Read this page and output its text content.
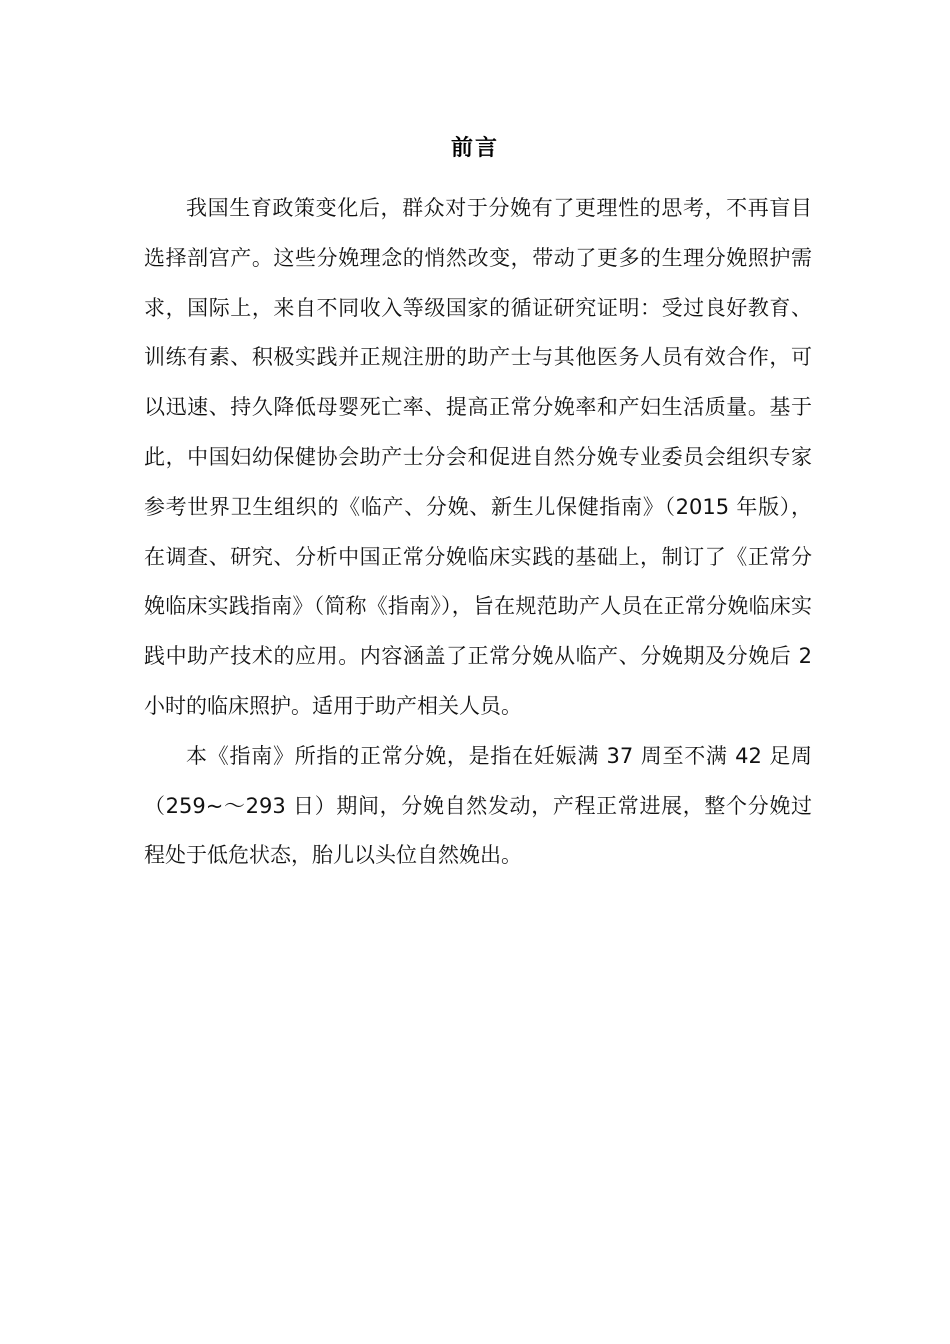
前言

我国生育政策变化后，群众对于分娩有了更理性的思考，不再盲目选择剖宫产。这些分娩理念的悄然改变，带动了更多的生理分娩照护需求，国际上，来自不同收入等级国家的循证研究证明：受过良好教育、训练有素、积极实践并正规注册的助产士与其他医务人员有效合作，可以迅速、持久降低母婴死亡率、提高正常分娩率和产妇生活质量。基于此，中国妇幼保健协会助产士分会和促进自然分娩专业委员会组织专家参考世界卫生组织的《临产、分娩、新生儿保健指南》（2015 年版），在调查、研究、分析中国正常分娩临床实践的基础上，制订了《正常分娩临床实践指南》（简称《指南》），旨在规范助产人员在正常分娩临床实践中助产技术的应用。内容涵盖了正常分娩从临产、分娩期及分娩后 2 小时的临床照护。适用于助产相关人员。

本《指南》所指的正常分娩，是指在妊娠满 37 周至不满 42 足周（259~～293 日）期间，分娩自然发动，产程正常进展，整个分娩过程处于低危状态，胎儿以头位自然娩出。
